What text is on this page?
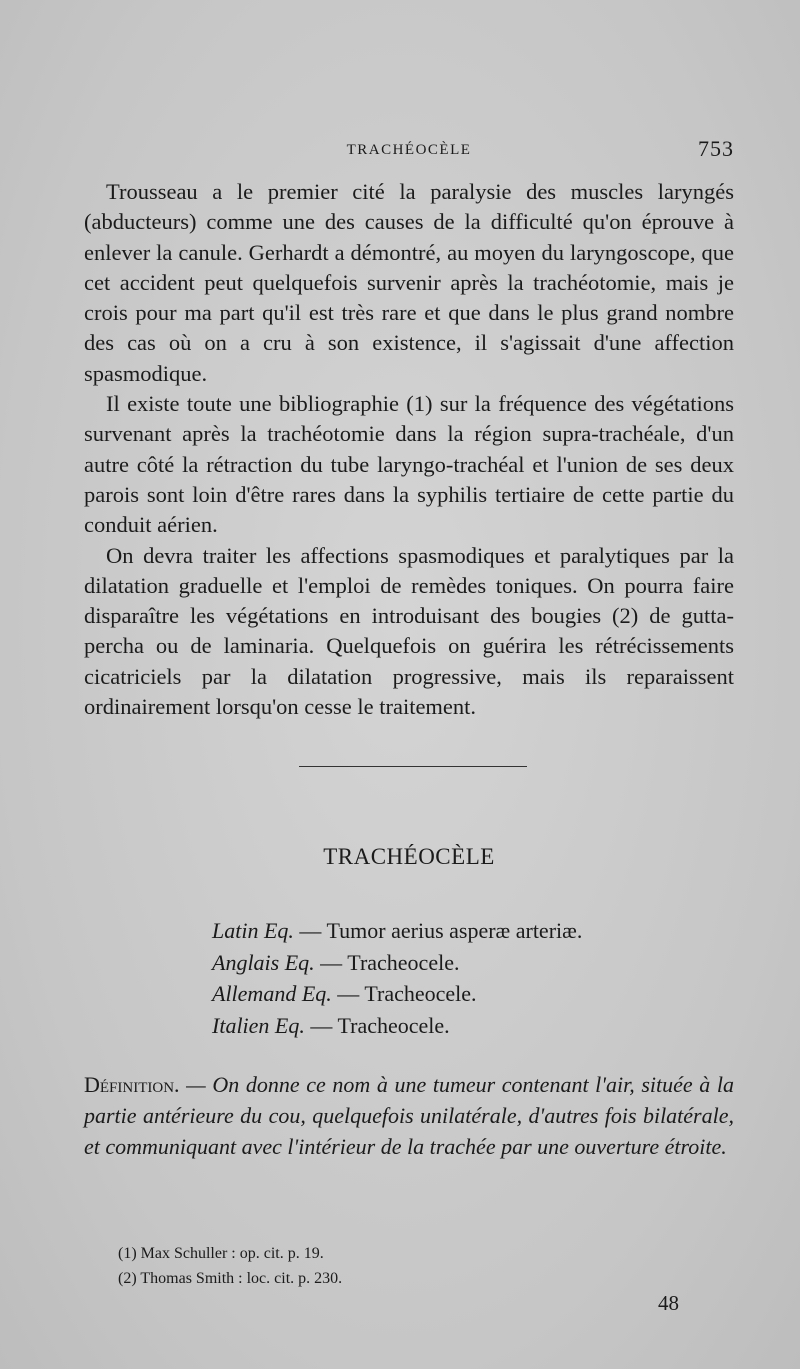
TRACHÉOCÈLE	753

Trousseau a le premier cité la paralysie des muscles laryngés (abducteurs) comme une des causes de la difficulté qu'on éprouve à enlever la canule. Gerhardt a démontré, au moyen du laryngoscope, que cet accident peut quelquefois survenir après la trachéotomie, mais je crois pour ma part qu'il est très rare et que dans le plus grand nombre des cas où on a cru à son existence, il s'agissait d'une affection spasmodique.

Il existe toute une bibliographie (1) sur la fréquence des végétations survenant après la trachéotomie dans la région supra-trachéale, d'un autre côté la rétraction du tube laryngo-trachéal et l'union de ses deux parois sont loin d'être rares dans la syphilis tertiaire de cette partie du conduit aérien.

On devra traiter les affections spasmodiques et paralytiques par la dilatation graduelle et l'emploi de remèdes toniques. On pourra faire disparaître les végétations en introduisant des bougies (2) de gutta-percha ou de laminaria. Quelquefois on guérira les rétrécissements cicatriciels par la dilatation progressive, mais ils reparaissent ordinairement lorsqu'on cesse le traitement.

TRACHÉOCÈLE
Latin Eq. — Tumor aerius asperæ arteriæ.
Anglais Eq. — Tracheocele.
Allemand Eq. — Tracheocele.
Italien Eq. — Tracheocele.
Définition. — On donne ce nom à une tumeur contenant l'air, située à la partie antérieure du cou, quelquefois unilatérale, d'autres fois bilatérale, et communiquant avec l'intérieur de la trachée par une ouverture étroite.
(1) Max Schuller : op. cit. p. 19.
(2) Thomas Smith : loc. cit. p. 230.
48
